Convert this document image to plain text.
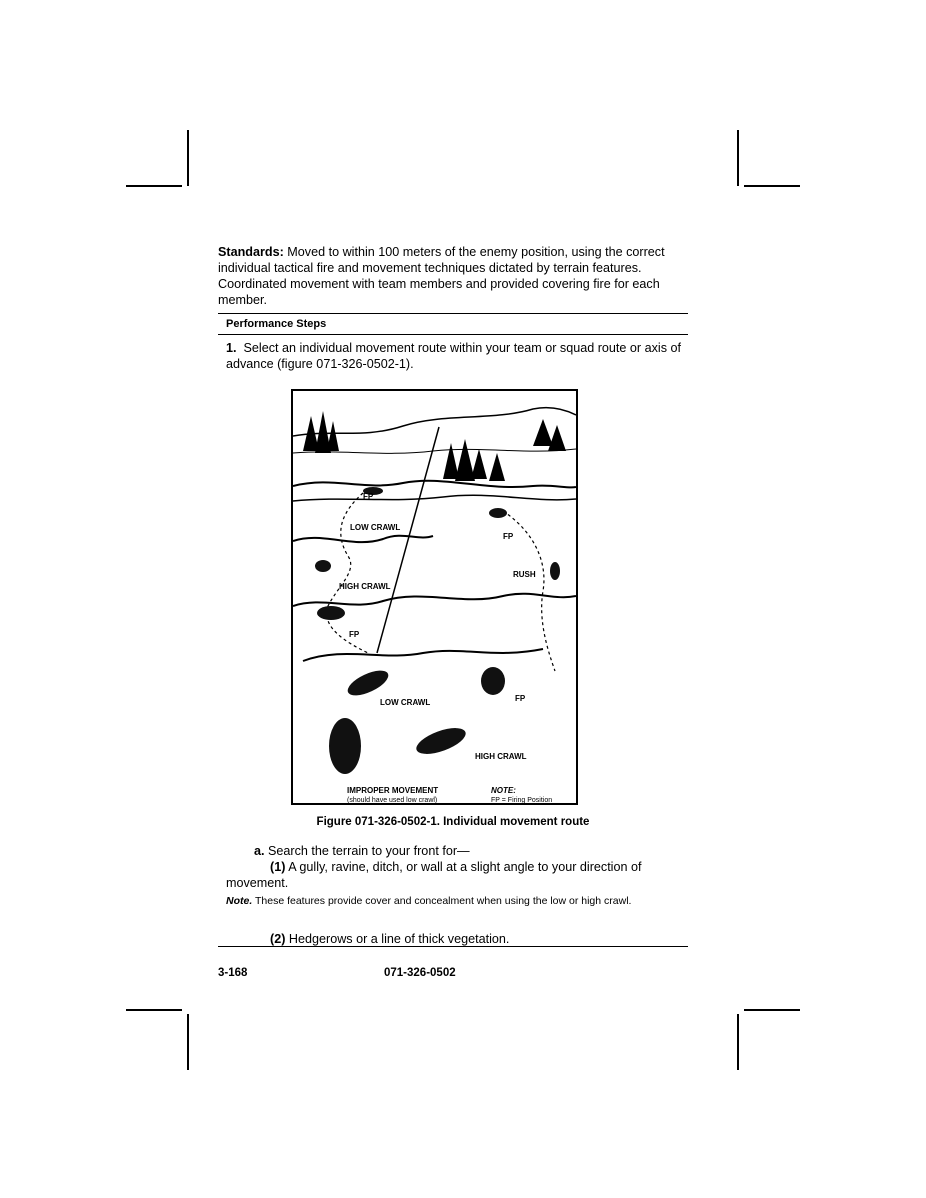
Standards: Moved to within 100 meters of the enemy position, using the correct individual tactical fire and movement techniques dictated by terrain features. Coordinated movement with team members and provided covering fire for each member.

Performance Steps

1. Select an individual movement route within your team or squad route or axis of advance (figure 071-326-0502-1).

FP
LOW CRAWL
FP
RUSH
HIGH CRAWL
FP
LOW CRAWL	FP
HIGH CRAWL
IMPROPER MOVEMENT
(should have used low crawl)
NOTE:
FP = Firing Position
Figure 071-326-0502-1. Individual movement route
a. Search the terrain to your front for—
(1) A gully, ravine, ditch, or wall at a slight angle to your direction of movement.
Note. These features provide cover and concealment when using the low or high crawl.
(2) Hedgerows or a line of thick vegetation.
3-168	071-326-0502
